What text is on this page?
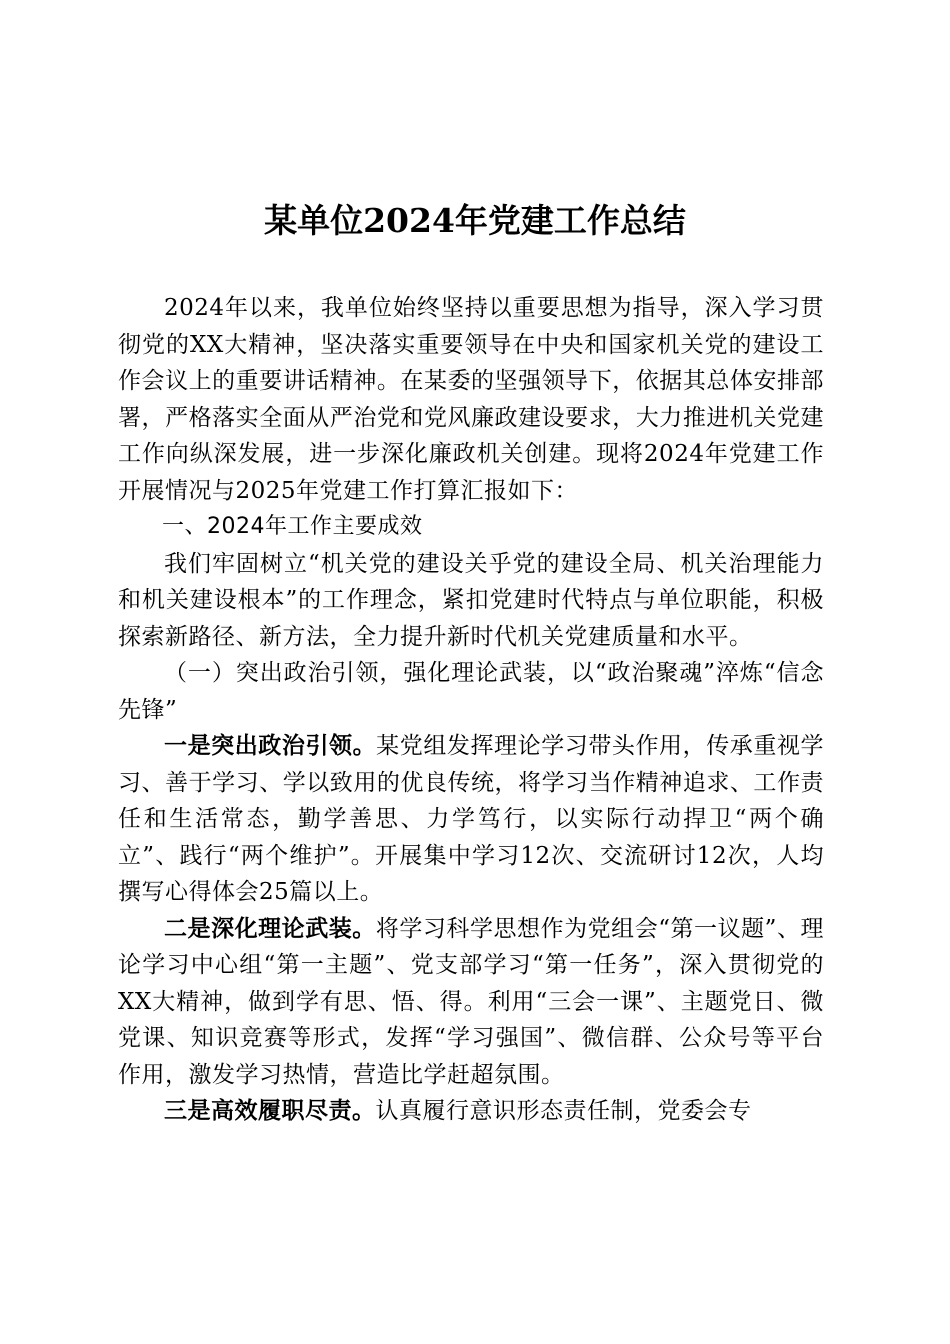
某单位2024年党建工作总结

2024年以来，我单位始终坚持以重要思想为指导，深入学习贯彻党的XX大精神，坚决落实重要领导在中央和国家机关党的建设工作会议上的重要讲话精神。在某委的坚强领导下，依据其总体安排部署，严格落实全面从严治党和党风廉政建设要求，大力推进机关党建工作向纵深发展，进一步深化廉政机关创建。现将2024年党建工作开展情况与2025年党建工作打算汇报如下：

一、2024年工作主要成效

我们牢固树立“机关党的建设关乎党的建设全局、机关治理能力和机关建设根本”的工作理念，紧扣党建时代特点与单位职能，积极探索新路径、新方法，全力提升新时代机关党建质量和水平。

（一）突出政治引领，强化理论武装，以“政治聚魂”淬炼“信念先锋”

一是突出政治引领。某党组发挥理论学习带头作用，传承重视学习、善于学习、学以致用的优良传统，将学习当作精神追求、工作责任和生活常态，勤学善思、力学笃行，以实际行动捍卫“两个确立”、践行“两个维护”。开展集中学习12次、交流研讨12次，人均撰写心得体会25篇以上。

二是深化理论武装。将学习科学思想作为党组会“第一议题”、理论学习中心组“第一主题”、党支部学习“第一任务”，深入贯彻党的XX大精神，做到学有思、悟、得。利用“三会一课”、主题党日、微党课、知识竞赛等形式，发挥“学习强国”、微信群、公众号等平台作用，激发学习热情，营造比学赶超氛围。

三是高效履职尽责。认真履行意识形态责任制，党委会专
